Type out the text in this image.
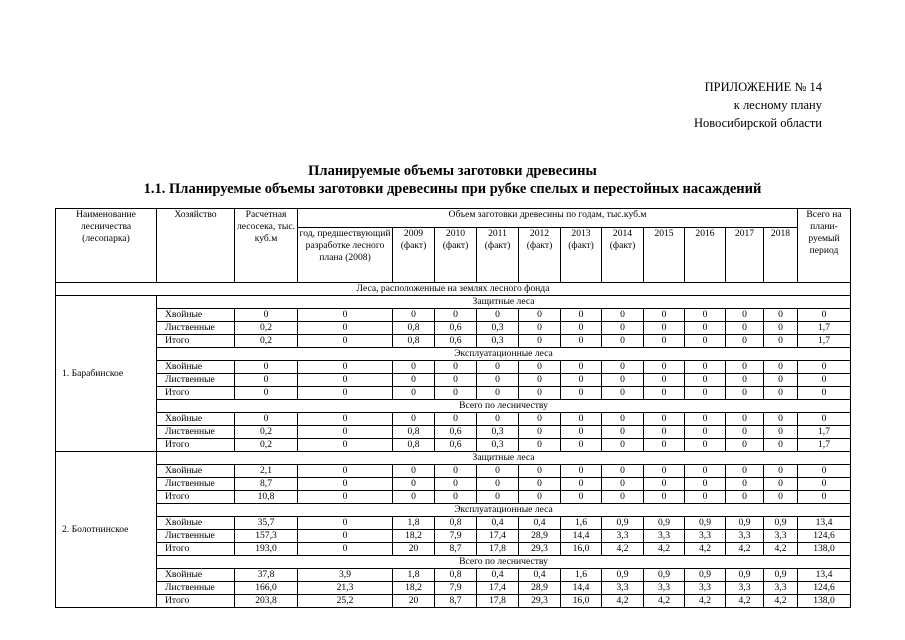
ПРИЛОЖЕНИЕ № 14
к лесному плану
Новосибирской области
Планируемые объемы заготовки древесины
1.1. Планируемые объемы заготовки древесины при рубке спелых и перестойных насаждений
Наименование лесничества (лесопарка)	Хозяйство	Расчетная лесосека, тыс. куб.м	Объем заготовки древесины по годам, тыс.куб.м											Всего на плани-руемый период
			год, предшествующий разработке лесного плана (2008)	2009 (факт)	2010 (факт)	2011 (факт)	2012 (факт)	2013 (факт)	2014 (факт)	2015	2016	2017	2018	
Леса, расположенные на землях лесного фонда														
1. Барабинское	Защитные леса													
	Хвойные	0	0	0	0	0	0	0	0	0	0	0	0	0
	Лиственные	0,2	0	0,8	0,6	0,3	0	0	0	0	0	0	0	1,7
	Итого	0,2	0	0,8	0,6	0,3	0	0	0	0	0	0	0	1,7
	Эксплуатационные леса													
	Хвойные	0	0	0	0	0	0	0	0	0	0	0	0	0
	Лиственные	0	0	0	0	0	0	0	0	0	0	0	0	0
	Итого	0	0	0	0	0	0	0	0	0	0	0	0	0
	Всего по лесничеству													
	Хвойные	0	0	0	0	0	0	0	0	0	0	0	0	0
	Лиственные	0,2	0	0,8	0,6	0,3	0	0	0	0	0	0	0	1,7
	Итого	0,2	0	0,8	0,6	0,3	0	0	0	0	0	0	0	1,7
2. Болотнинское	Защитные леса													
	Хвойные	2,1	0	0	0	0	0	0	0	0	0	0	0	0
	Лиственные	8,7	0	0	0	0	0	0	0	0	0	0	0	0
	Итого	10,8	0	0	0	0	0	0	0	0	0	0	0	0
	Эксплуатационные леса													
	Хвойные	35,7	0	1,8	0,8	0,4	0,4	1,6	0,9	0,9	0,9	0,9	0,9	13,4
	Лиственные	157,3	0	18,2	7,9	17,4	28,9	14,4	3,3	3,3	3,3	3,3	3,3	124,6
	Итого	193,0	0	20	8,7	17,8	29,3	16,0	4,2	4,2	4,2	4,2	4,2	138,0
	Всего по лесничеству													
	Хвойные	37,8	3,9	1,8	0,8	0,4	0,4	1,6	0,9	0,9	0,9	0,9	0,9	13,4
	Лиственные	166,0	21,3	18,2	7,9	17,4	28,9	14,4	3,3	3,3	3,3	3,3	3,3	124,6
	Итого	203,8	25,2	20	8,7	17,8	29,3	16,0	4,2	4,2	4,2	4,2	4,2	138,0
